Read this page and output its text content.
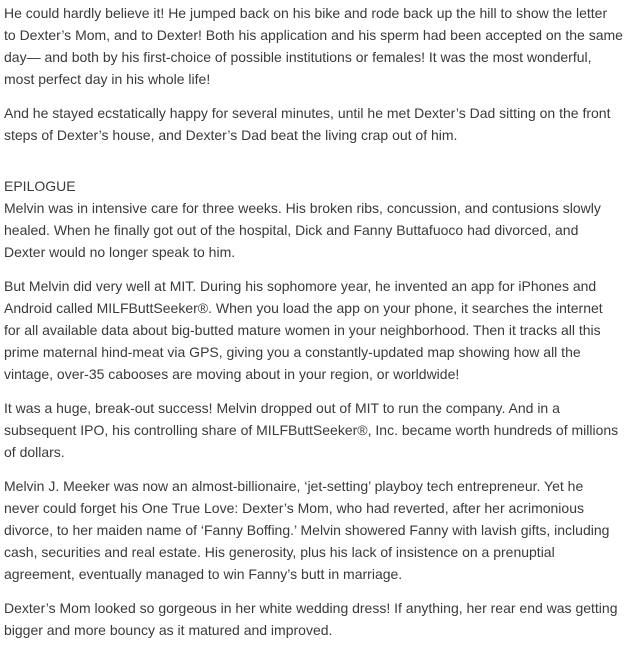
He could hardly believe it! He jumped back on his bike and rode back up the hill to show the letter
to Dexter’s Mom, and to Dexter! Both his application and his sperm had been accepted on the same
day— and both by his first-choice of possible institutions or females! It was the most wonderful,
most perfect day in his whole life!
And he stayed ecstatically happy for several minutes, until he met Dexter’s Dad sitting on the front
steps of Dexter’s house, and Dexter’s Dad beat the living crap out of him.
EPILOGUE
Melvin was in intensive care for three weeks. His broken ribs, concussion, and contusions slowly
healed. When he finally got out of the hospital, Dick and Fanny Buttafuoco had divorced, and
Dexter would no longer speak to him.
But Melvin did very well at MIT. During his sophomore year, he invented an app for iPhones and
Android called MILFButtSeeker®. When you load the app on your phone, it searches the internet
for all available data about big-butted mature women in your neighborhood. Then it tracks all this
prime maternal hind-meat via GPS, giving you a constantly-updated map showing how all the
vintage, over-35 cabooses are moving about in your region, or worldwide!
It was a huge, break-out success! Melvin dropped out of MIT to run the company. And in a
subsequent IPO, his controlling share of MILFButtSeeker®, Inc. became worth hundreds of millions
of dollars.
Melvin J. Meeker was now an almost-billionaire, ‘jet-setting’ playboy tech entrepreneur. Yet he
never could forget his One True Love: Dexter’s Mom, who had reverted, after her acrimonious
divorce, to her maiden name of ‘Fanny Boffing.’ Melvin showered Fanny with lavish gifts, including
cash, securities and real estate. His generosity, plus his lack of insistence on a prenuptial
agreement, eventually managed to win Fanny’s butt in marriage.
Dexter’s Mom looked so gorgeous in her white wedding dress! If anything, her rear end was getting
bigger and more bouncy as it matured and improved.
